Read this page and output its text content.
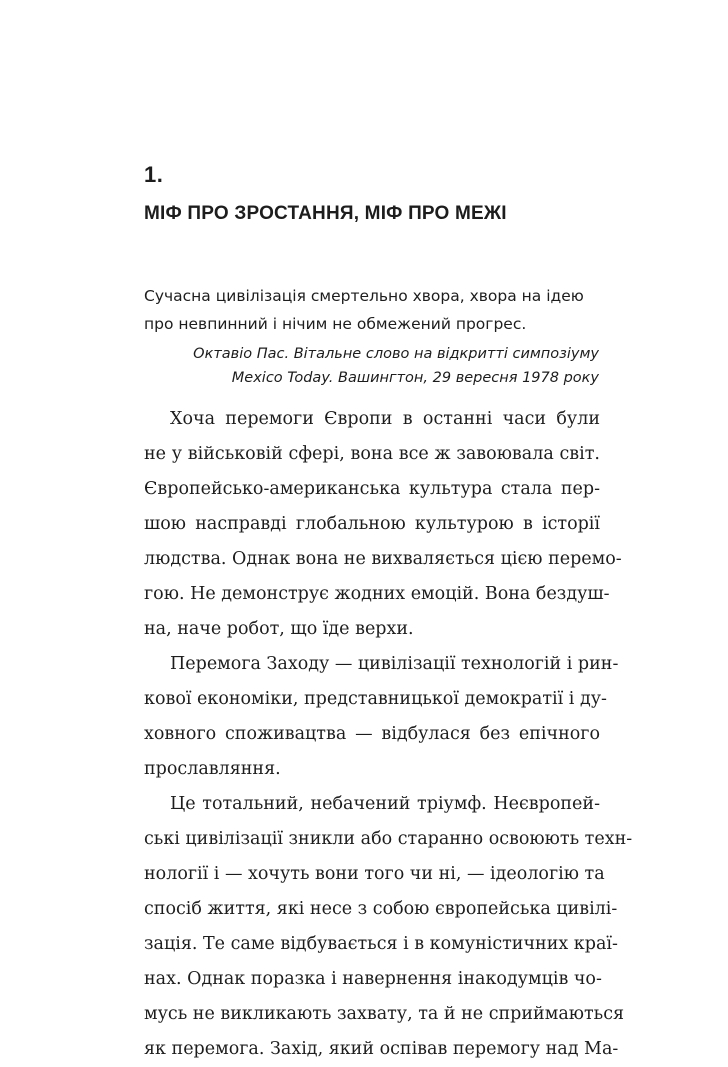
1.
МІФ ПРО ЗРОСТАННЯ, МІФ ПРО МЕЖІ
Сучасна цивілізація смертельно хвора, хвора на ідею
про невпинний і нічим не обмежений прогрес.
Октавіо Пас. Вітальне слово на відкритті симпозіуму
Mexico Today. Вашингтон, 29 вересня 1978 року
Хоча перемоги Європи в останні часи були
не у військовій сфері, вона все ж завоювала світ.
Європейсько-американська культура стала пер-
шою насправді глобальною культурою в історії
людства. Однак вона не вихваляється цією перемо-
гою. Не демонструє жодних емоцій. Вона бездуш-
на, наче робот, що їде верхи.
Перемога Заходу — цивілізації технологій і рин-
кової економіки, представницької демократії і ду-
ховного споживацтва — відбулася без епічного
прославляння.
Це тотальний, небачений тріумф. Неєвропей-
ські цивілізації зникли або старанно освоюють техн-
нології і — хочуть вони того чи ні, — ідеологію та
спосіб життя, які несе з собою європейська цивілі-
зація. Те саме відбувається і в комуністичних краї-
нах. Однак поразка і навернення інакодумців чо-
мусь не викликають захвату, та й не сприймаються
як перемога. Захід, який оспівав перемогу над Ма-
